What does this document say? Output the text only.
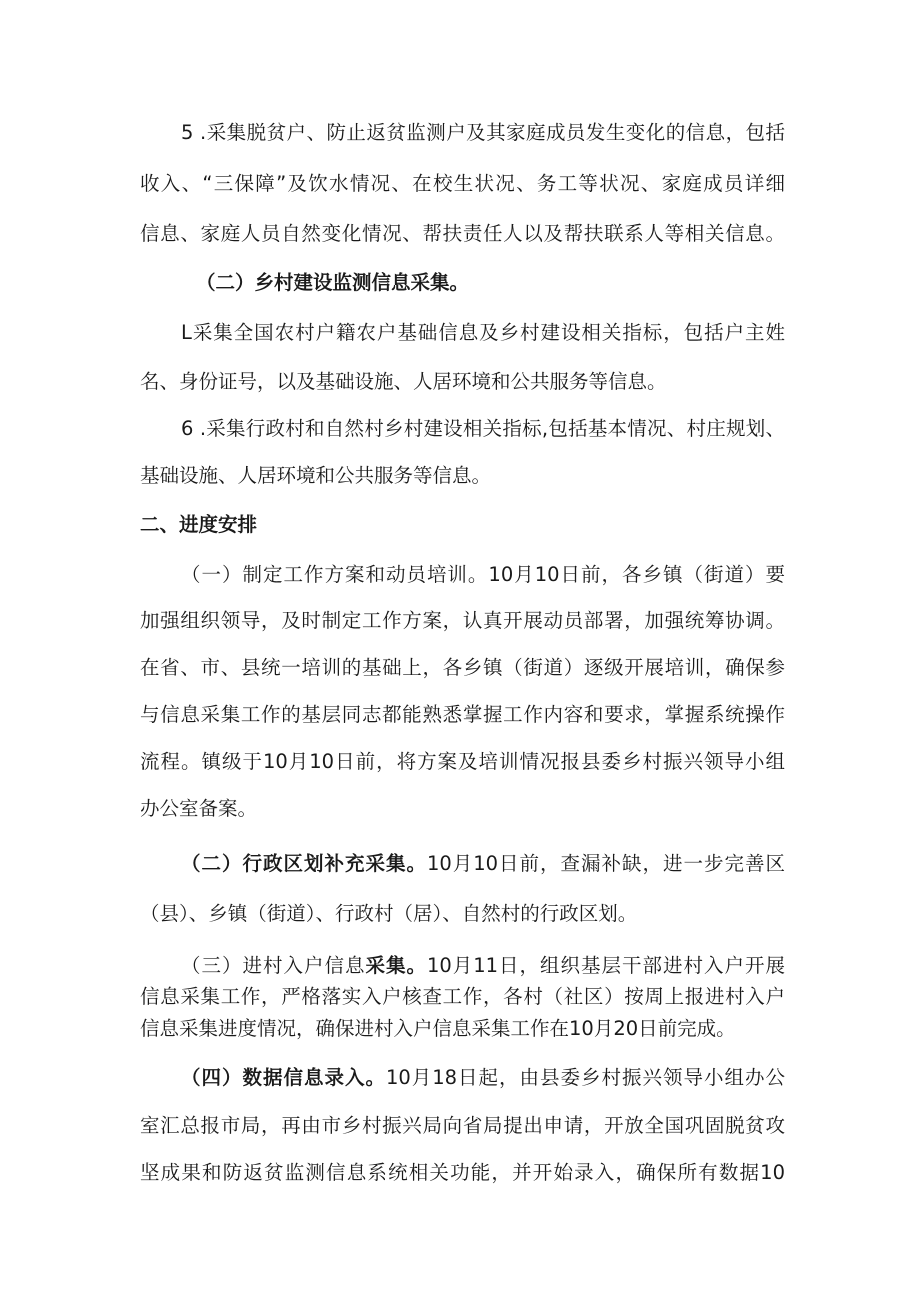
5 .采集脱贫户、防止返贫监测户及其家庭成员发生变化的信息，包括
收入、“三保障”及饮水情况、在校生状况、务工等状况、家庭成员详细
信息、家庭人员自然变化情况、帮扶责任人以及帮扶联系人等相关信息。
（二）乡村建设监测信息采集。
L采集全国农村户籍农户基础信息及乡村建设相关指标，包括户主姓
名、身份证号，以及基础设施、人居环境和公共服务等信息。
6 .采集行政村和自然村乡村建设相关指标,包括基本情况、村庄规划、
基础设施、人居环境和公共服务等信息。
二、进度安排
（一）制定工作方案和动员培训。10月10日前，各乡镇（街道）要
加强组织领导，及时制定工作方案，认真开展动员部署，加强统筹协调。
在省、市、县统一培训的基础上，各乡镇（街道）逐级开展培训，确保参
与信息采集工作的基层同志都能熟悉掌握工作内容和要求，掌握系统操作
流程。镇级于10月10日前，将方案及培训情况报县委乡村振兴领导小组
办公室备案。
（二）行政区划补充采集。10月10日前，查漏补缺，进一步完善区
（县）、乡镇（街道）、行政村（居）、自然村的行政区划。
（三）进村入户信息采集。10月11日，组织基层干部进村入户开展
信息采集工作，严格落实入户核查工作，各村（社区）按周上报进村入户
信息采集进度情况，确保进村入户信息采集工作在10月20日前完成。
（四）数据信息录入。10月18日起，由县委乡村振兴领导小组办公
室汇总报市局，再由市乡村振兴局向省局提出申请，开放全国巩固脱贫攻
坚成果和防返贫监测信息系统相关功能，并开始录入，确保所有数据10
